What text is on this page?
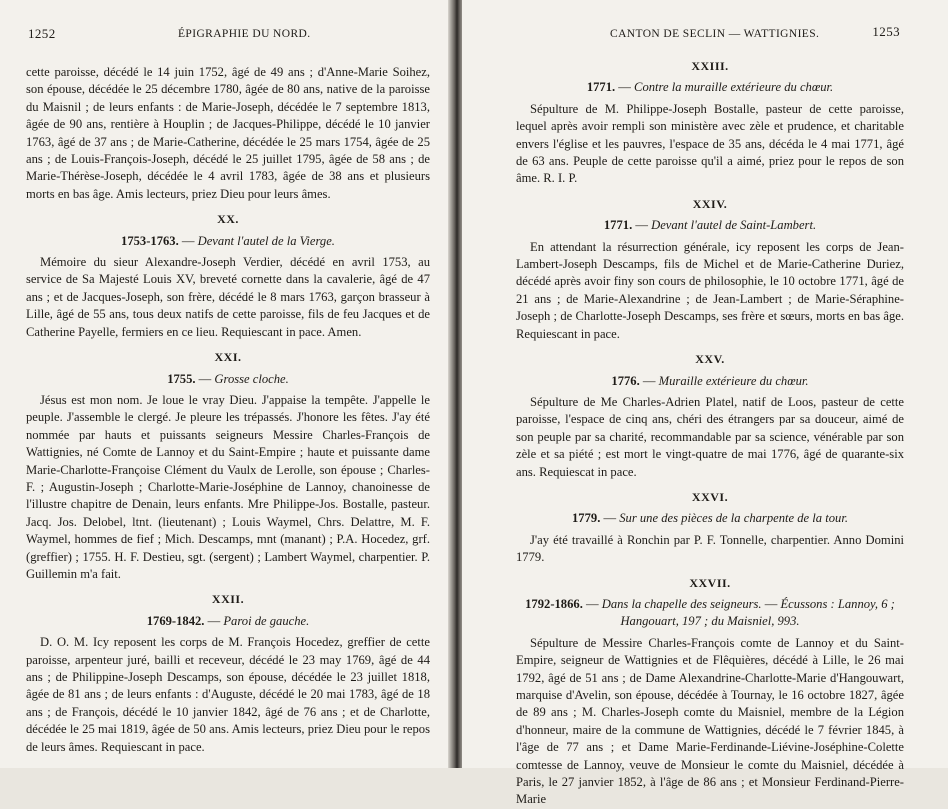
1252	ÉPIGRAPHIE DU NORD.

cette paroisse, décédé le 14 juin 1752, âgé de 49 ans ; d'Anne-Marie Soihez, son épouse, décédée le 25 décembre 1780, âgée de 80 ans, native de la paroisse du Maisnil ; de leurs enfants : de Marie-Joseph, décédée le 7 septembre 1813, âgée de 90 ans, rentière à Houplin ; de Jacques-Philippe, décédé le 10 janvier 1763, âgé de 37 ans ; de Marie-Catherine, décédée le 25 mars 1754, âgée de 25 ans ; de Louis-François-Joseph, décédé le 25 juillet 1795, âgée de 58 ans ; de Marie-Thérèse-Joseph, décédée le 4 avril 1783, âgée de 38 ans et plusieurs morts en bas âge. Amis lecteurs, priez Dieu pour leurs âmes.

XX.
1753-1763. — Devant l'autel de la Vierge.

Mémoire du sieur Alexandre-Joseph Verdier, décédé en avril 1753, au service de Sa Majesté Louis XV, breveté cornette dans la cavalerie, âgé de 47 ans ; et de Jacques-Joseph, son frère, décédé le 8 mars 1763, garçon brasseur à Lille, âgé de 55 ans, tous deux natifs de cette paroisse, fils de feu Jacques et de Catherine Payelle, fermiers en ce lieu. Requiescant in pace. Amen.

XXI.
1755. — Grosse cloche.

Jésus est mon nom. Je loue le vray Dieu. J'appaise la tempête. J'appelle le peuple. J'assemble le clergé. Je pleure les trépassés. J'honore les fêtes. J'ay été nommée par hauts et puissants seigneurs Messire Charles-François de Wattignies, né Comte de Lannoy et du Saint-Empire ; haute et puissante dame Marie-Charlotte-Françoise Clément du Vaulx de Lerolle, son épouse ; Charles-F. ; Augustin-Joseph ; Charlotte-Marie-Joséphine de Lannoy, chanoinesse de l'illustre chapitre de Denain, leurs enfants. Mre Philippe-Jos. Bostalle, pasteur. Jacq. Jos. Delobel, ltnt. (lieutenant) ; Louis Waymel, Chrs. Delattre, M. F. Waymel, hommes de fief ; Mich. Descamps, mnt (manant) ; P.A. Hocedez, grf. (greffier) ; 1755. H. F. Destieu, sgt. (sergent) ; Lambert Waymel, charpentier. P. Guillemin m'a fait.

XXII.
1769-1842. — Paroi de gauche.

D. O. M. Icy reposent les corps de M. François Hocedez, greffier de cette paroisse, arpenteur juré, bailli et receveur, décédé le 23 may 1769, âgé de 44 ans ; de Philippine-Joseph Descamps, son épouse, décédée le 23 juillet 1818, âgée de 81 ans ; de leurs enfants : d'Auguste, décédé le 20 mai 1783, âgé de 18 ans ; de François, décédé le 10 janvier 1842, âgé de 76 ans ; et de Charlotte, décédée le 25 mai 1819, âgée de 50 ans. Amis lecteurs, priez Dieu pour le repos de leurs âmes. Requiescant in pace.

CANTON DE SECLIN — WATTIGNIES.	1253
XXIII.
1771. — Contre la muraille extérieure du chœur.

Sépulture de M. Philippe-Joseph Bostalle, pasteur de cette paroisse, lequel après avoir rempli son ministère avec zèle et prudence, et charitable envers l'église et les pauvres, l'espace de 35 ans, décéda le 4 mai 1771, âgé de 63 ans. Peuple de cette paroisse qu'il a aimé, priez pour le repos de son âme. R. I. P.

XXIV.
1771. — Devant l'autel de Saint-Lambert.

En attendant la résurrection générale, icy reposent les corps de Jean-Lambert-Joseph Descamps, fils de Michel et de Marie-Catherine Duriez, décédé après avoir finy son cours de philosophie, le 10 octobre 1771, âgé de 21 ans ; de Marie-Alexandrine ; de Jean-Lambert ; de Marie-Séraphine-Joseph ; de Charlotte-Joseph Descamps, ses frère et sœurs, morts en bas âge. Requiescant in pace.

XXV.
1776. — Muraille extérieure du chœur.

Sépulture de Me Charles-Adrien Platel, natif de Loos, pasteur de cette paroisse, l'espace de cinq ans, chéri des étrangers par sa douceur, aimé de son peuple par sa charité, recommandable par sa science, vénérable par son zèle et sa piété ; est mort le vingt-quatre de mai 1776, âgé de quarante-six ans. Requiescat in pace.

XXVI.
1779. — Sur une des pièces de la charpente de la tour.

J'ay été travaillé à Ronchin par P. F. Tonnelle, charpentier. Anno Domini 1779.

XXVII.
1792-1866. — Dans la chapelle des seigneurs. — Écussons : Lannoy, 6 ; Hangouart, 197 ; du Maisniel, 993.

Sépulture de Messire Charles-François comte de Lannoy et du Saint-Empire, seigneur de Wattignies et de Flêquières, décédé à Lille, le 26 mai 1792, âgé de 51 ans ; de Dame Alexandrine-Charlotte-Marie d'Hangouwart, marquise d'Avelin, son épouse, décédée à Tournay, le 16 octobre 1827, âgée de 89 ans ; M. Charles-Joseph comte du Maisniel, membre de la Légion d'honneur, maire de la commune de Wattignies, décédé le 7 février 1845, à l'âge de 77 ans ; et Dame Marie-Ferdinande-Liévine-Joséphine-Colette comtesse de Lannoy, veuve de Monsieur le comte du Maisniel, décédée à Paris, le 27 janvier 1852, à l'âge de 86 ans ; et Monsieur Ferdinand-Pierre-Marie
